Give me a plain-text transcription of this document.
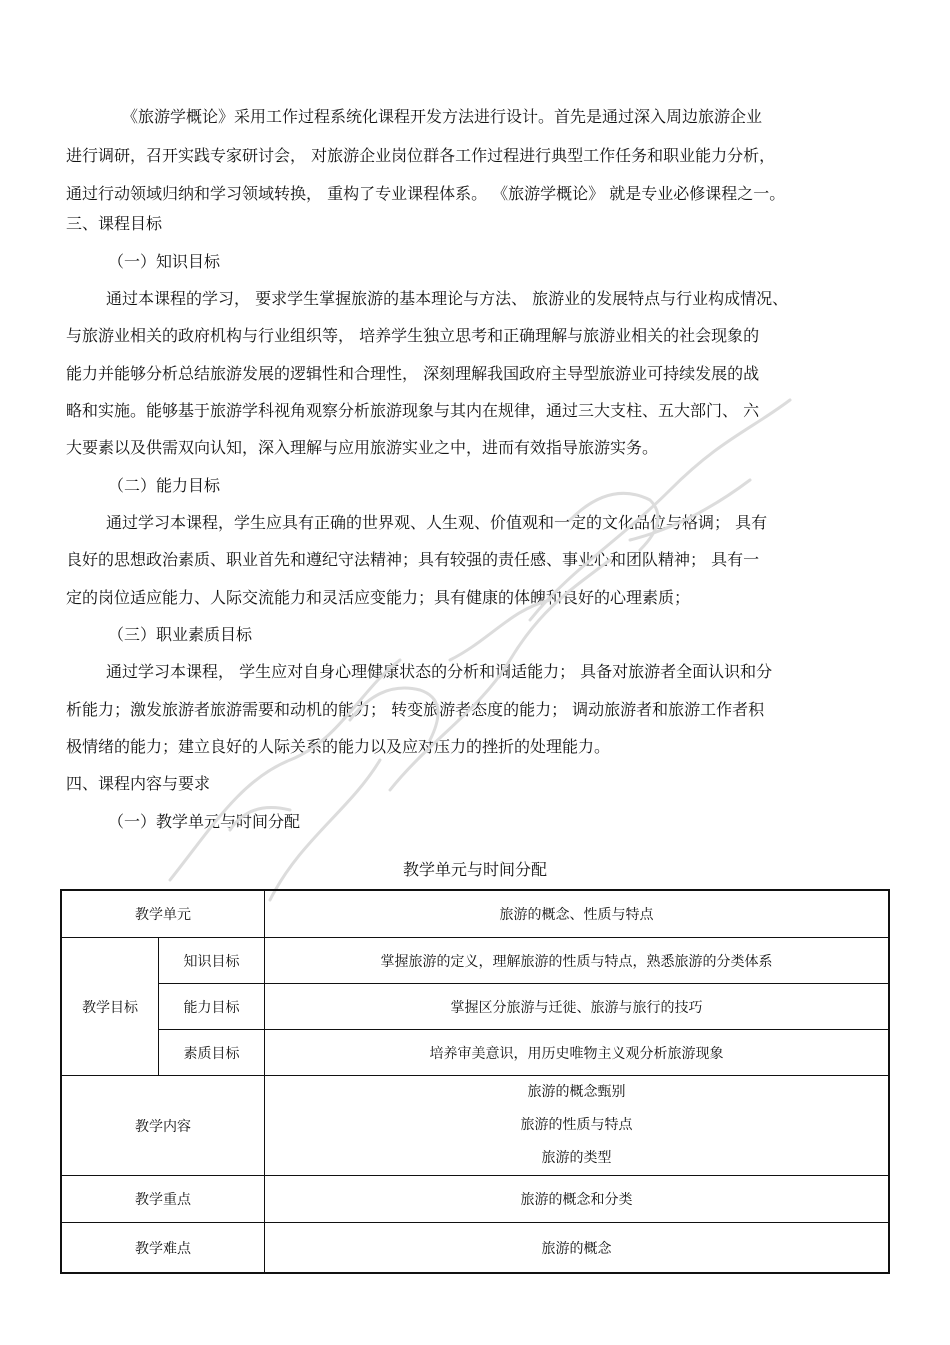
《旅游学概论》采用工作过程系统化课程开发方法进行设计。首先是通过深入周边旅游企业

进行调研，召开实践专家研讨会， 对旅游企业岗位群各工作过程进行典型工作任务和职业能力分析，

通过行动领域归纳和学习领域转换， 重构了专业课程体系。 《旅游学概论》 就是专业必修课程之一。

三、课程目标
（一）知识目标

通过本课程的学习， 要求学生掌握旅游的基本理论与方法、 旅游业的发展特点与行业构成情况、

与旅游业相关的政府机构与行业组织等， 培养学生独立思考和正确理解与旅游业相关的社会现象的

能力并能够分析总结旅游发展的逻辑性和合理性， 深刻理解我国政府主导型旅游业可持续发展的战

略和实施。能够基于旅游学科视角观察分析旅游现象与其内在规律，通过三大支柱、五大部门、 六

大要素以及供需双向认知，深入理解与应用旅游实业之中，进而有效指导旅游实务。

（二）能力目标

通过学习本课程，学生应具有正确的世界观、人生观、价值观和一定的文化品位与格调； 具有

良好的思想政治素质、职业首先和遵纪守法精神；具有较强的责任感、事业心和团队精神； 具有一

定的岗位适应能力、人际交流能力和灵活应变能力；具有健康的体魄和良好的心理素质；

（三）职业素质目标

通过学习本课程， 学生应对自身心理健康状态的分析和调适能力； 具备对旅游者全面认识和分

析能力；激发旅游者旅游需要和动机的能力； 转变旅游者态度的能力； 调动旅游者和旅游工作者积

极情绪的能力；建立良好的人际关系的能力以及应对压力的挫折的处理能力。

四、课程内容与要求
（一）教学单元与时间分配
教学单元与时间分配
教学单元		旅游的概念、性质与特点
教学目标	知识目标	掌握旅游的定义，理解旅游的性质与特点，熟悉旅游的分类体系
	能力目标	掌握区分旅游与迁徙、旅游与旅行的技巧
	素质目标	培养审美意识，用历史唯物主义观分析旅游现象
教学内容		旅游的概念甄别
旅游的性质与特点
旅游的类型

教学重点		旅游的概念和分类
教学难点		旅游的概念
